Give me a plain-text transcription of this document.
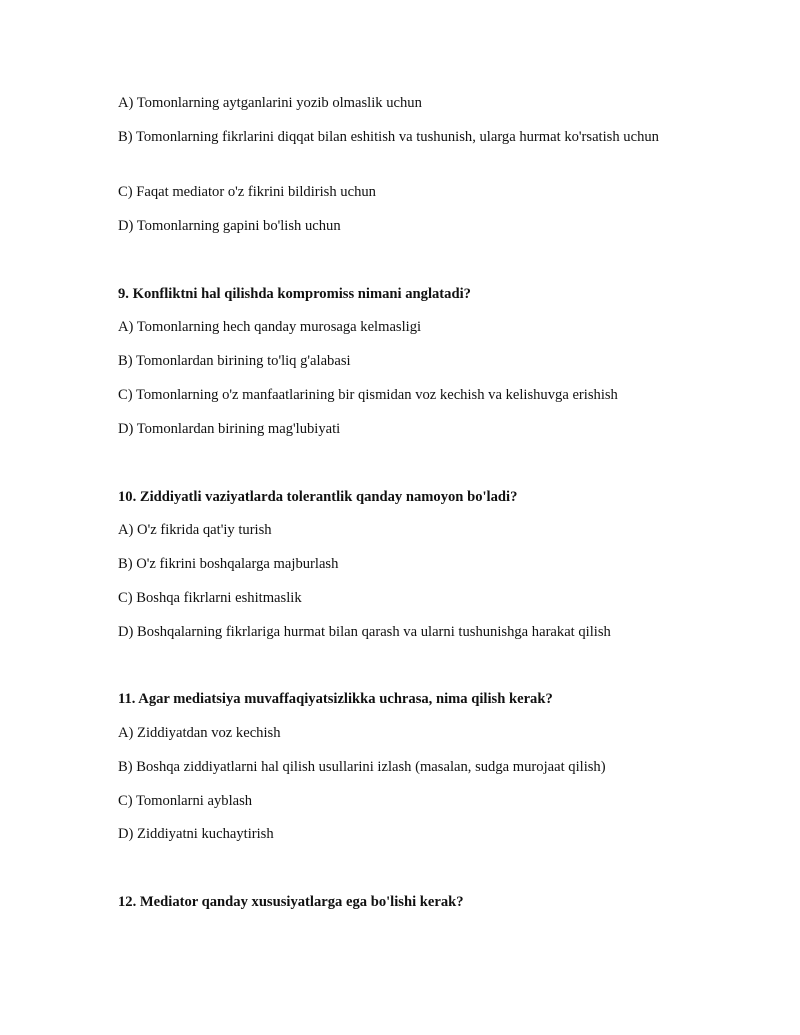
A) Tomonlarning aytganlarini yozib olmaslik uchun
B) Tomonlarning fikrlarini diqqat bilan eshitish va tushunish, ularga hurmat ko'rsatish uchun
C) Faqat mediator o'z fikrini bildirish uchun
D) Tomonlarning gapini bo'lish uchun
9. Konfliktni hal qilishda kompromiss nimani anglatadi?
A) Tomonlarning hech qanday murosaga kelmasligi
B) Tomonlardan birining to'liq g'alabasi
C) Tomonlarning o'z manfaatlarining bir qismidan voz kechish va kelishuvga erishish
D) Tomonlardan birining mag'lubiyati
10. Ziddiyatli vaziyatlarda tolerantlik qanday namoyon bo'ladi?
A) O'z fikrida qat'iy turish
B) O'z fikrini boshqalarga majburlash
C) Boshqa fikrlarni eshitmaslik
D) Boshqalarning fikrlariga hurmat bilan qarash va ularni tushunishga harakat qilish
11. Agar mediatsiya muvaffaqiyatsizlikka uchrasa, nima qilish kerak?
A) Ziddiyatdan voz kechish
B) Boshqa ziddiyatlarni hal qilish usullarini izlash (masalan, sudga murojaat qilish)
C) Tomonlarni ayblash
D) Ziddiyatni kuchaytirish
12. Mediator qanday xususiyatlarga ega bo'lishi kerak?
